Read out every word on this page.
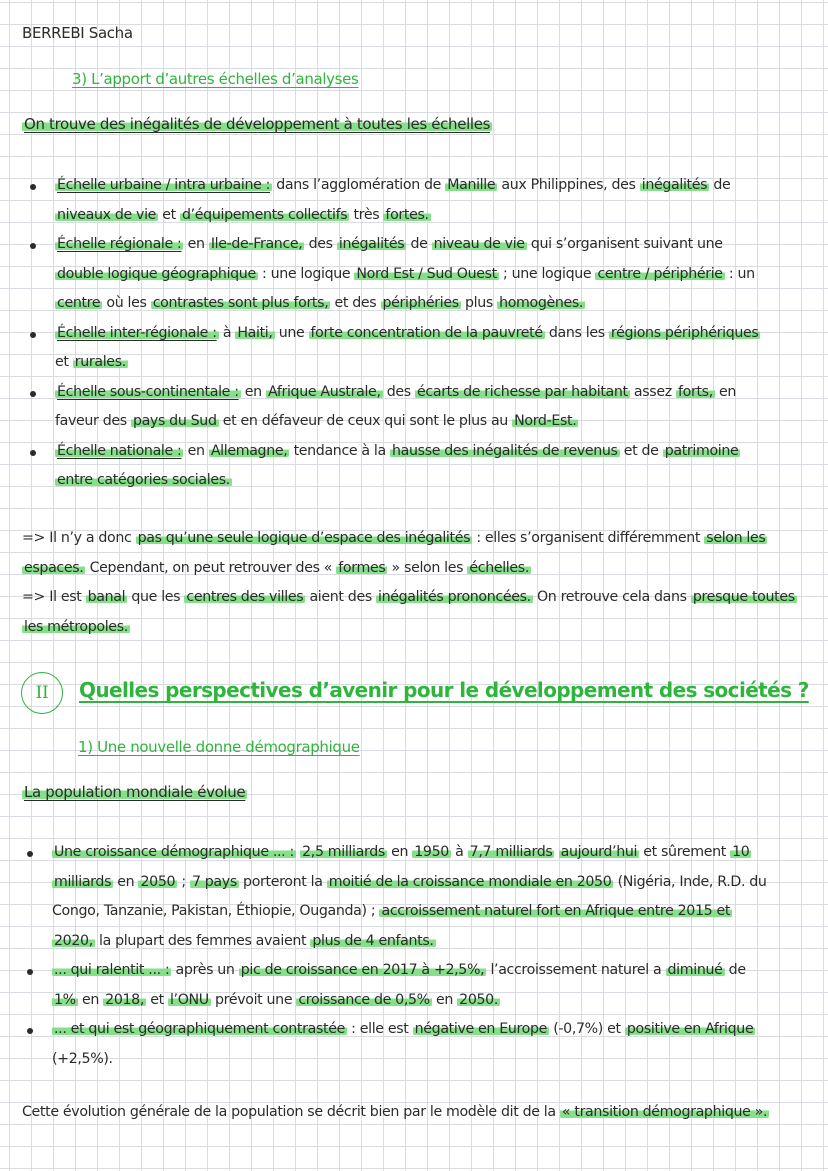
BERREBI Sacha
3) L’apport d’autres échelles d’analyses
On trouve des inégalités de développement à toutes les échelles
Échelle urbaine / intra urbaine : dans l’agglomération de Manille aux Philippines, des inégalités de niveaux de vie et d’équipements collectifs très fortes.
Échelle régionale : en Ile-de-France, des inégalités de niveau de vie qui s’organisent suivant une double logique géographique : une logique Nord Est / Sud Ouest ; une logique centre / périphérie : un centre où les contrastes sont plus forts, et des périphéries plus homogènes.
Échelle inter-régionale : à Haiti, une forte concentration de la pauvreté dans les régions périphériques et rurales.
Échelle sous-continentale : en Afrique Australe, des écarts de richesse par habitant assez forts, en faveur des pays du Sud et en défaveur de ceux qui sont le plus au Nord-Est.
Échelle nationale : en Allemagne, tendance à la hausse des inégalités de revenus et de patrimoine entre catégories sociales.
=> Il n’y a donc pas qu’une seule logique d’espace des inégalités : elles s’organisent différemment selon les espaces. Cependant, on peut retrouver des « formes » selon les échelles.
=> Il est banal que les centres des villes aient des inégalités prononcées. On retrouve cela dans presque toutes les métropoles.
II	Quelles perspectives d’avenir pour le développement des sociétés ?
1) Une nouvelle donne démographique
La population mondiale évolue
Une croissance démographique ... : 2,5 milliards en 1950 à 7,7 milliards aujourd’hui et sûrement 10 milliards en 2050 ; 7 pays porteront la moitié de la croissance mondiale en 2050 (Nigéria, Inde, R.D. du Congo, Tanzanie, Pakistan, Éthiopie, Ouganda) ; accroissement naturel fort en Afrique entre 2015 et 2020, la plupart des femmes avaient plus de 4 enfants.
... qui ralentit ... : après un pic de croissance en 2017 à +2,5%, l’accroissement naturel a diminué de 1% en 2018, et l’ONU prévoit une croissance de 0,5% en 2050.
... et qui est géographiquement contrastée : elle est négative en Europe (-0,7%) et positive en Afrique (+2,5%).
Cette évolution générale de la population se décrit bien par le modèle dit de la « transition démographique ».
